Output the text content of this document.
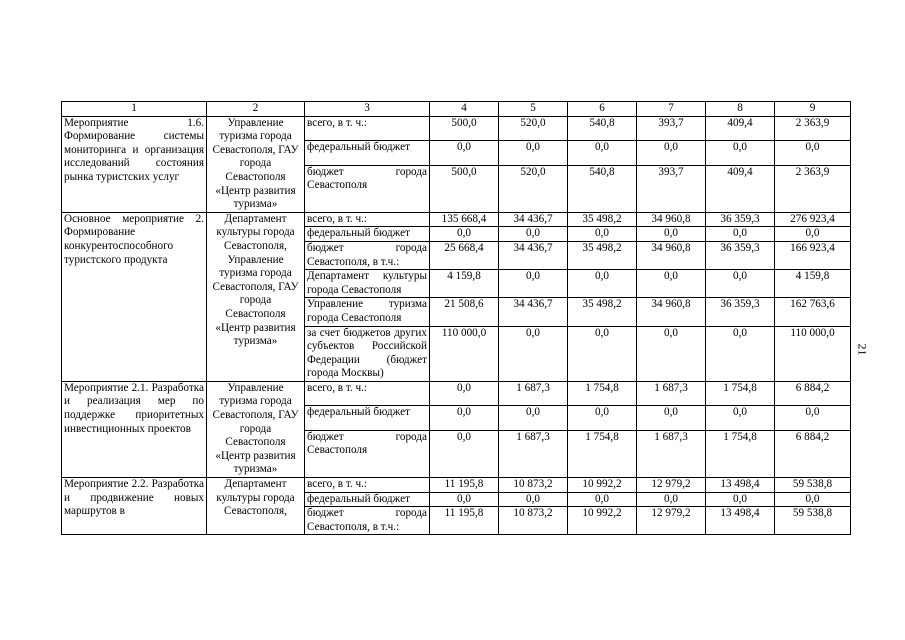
21
1	2	3	4	5	6	7	8	9
Мероприятие 1.6. Формирование системы мониторинга и организация исследований состояния рынка туристских услуг	Управление туризма города Севастополя, ГАУ города Севастополя «Центр развития туризма»	всего, в т. ч.:	500,0	520,0	540,8	393,7	409,4	2 363,9
		федеральный бюджет	0,0	0,0	0,0	0,0	0,0	0,0
		бюджет города Севастополя	500,0	520,0	540,8	393,7	409,4	2 363,9
Основное мероприятие 2. Формирование конкурентоспособного туристского продукта	Департамент культуры города Севастополя, Управление туризма города Севастополя, ГАУ города Севастополя «Центр развития туризма»	всего, в т. ч.:	135 668,4	34 436,7	35 498,2	34 960,8	36 359,3	276 923,4
		федеральный бюджет	0,0	0,0	0,0	0,0	0,0	0,0
		бюджет города Севастополя, в т.ч.:	25 668,4	34 436,7	35 498,2	34 960,8	36 359,3	166 923,4
		Департамент культуры города Севастополя	4 159,8	0,0	0,0	0,0	0,0	4 159,8
		Управление туризма города Севастополя	21 508,6	34 436,7	35 498,2	34 960,8	36 359,3	162 763,6
		за счет бюджетов других субъектов Российской Федерации (бюджет города Москвы)	110 000,0	0,0	0,0	0,0	0,0	110 000,0
Мероприятие 2.1. Разработка и реализация мер по поддержке приоритетных инвестиционных проектов	Управление туризма города Севастополя, ГАУ города Севастополя «Центр развития туризма»	всего, в т. ч.:	0,0	1 687,3	1 754,8	1 687,3	1 754,8	6 884,2
		федеральный бюджет	0,0	0,0	0,0	0,0	0,0	0,0
		бюджет города Севастополя	0,0	1 687,3	1 754,8	1 687,3	1 754,8	6 884,2
Мероприятие 2.2. Разработка и продвижение новых маршрутов в	Департамент культуры города Севастополя,	всего, в т. ч.:	11 195,8	10 873,2	10 992,2	12 979,2	13 498,4	59 538,8
		федеральный бюджет	0,0	0,0	0,0	0,0	0,0	0,0
		бюджет города Севастополя, в т.ч.:	11 195,8	10 873,2	10 992,2	12 979,2	13 498,4	59 538,8
